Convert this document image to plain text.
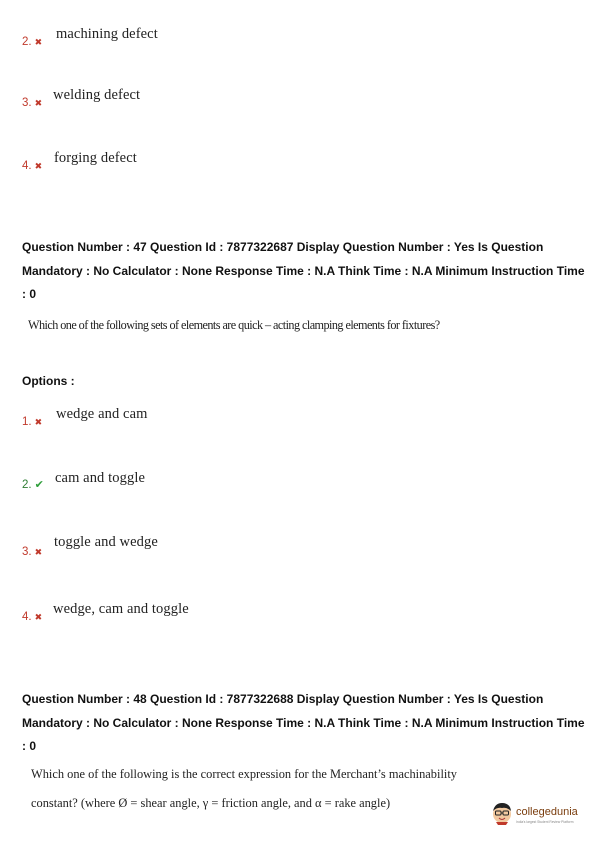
2. ✖ machining defect
3. ✖ welding defect
4. ✖ forging defect
Question Number : 47 Question Id : 7877322687 Display Question Number : Yes Is Question Mandatory : No Calculator : None Response Time : N.A Think Time : N.A Minimum Instruction Time : 0
Which one of the following sets of elements are quick – acting clamping elements for fixtures?
Options :
1. ✖ wedge and cam
2. ✔ cam and toggle
3. ✖
toggle and wedge
4. ✖ wedge, cam and toggle
Question Number : 48 Question Id : 7877322688 Display Question Number : Yes Is Question Mandatory : No Calculator : None Response Time : N.A Think Time : N.A Minimum Instruction Time : 0
Which one of the following is the correct expression for the Merchant’s machinability
constant? (where Ø = shear angle, γ = friction angle, and α = rake angle)
collegedunia
India's largest Student Review Platform
